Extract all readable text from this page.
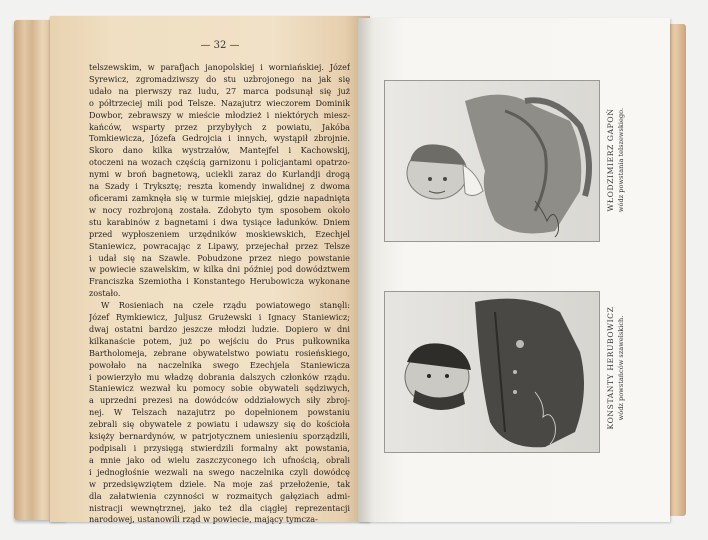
— 32 —
telszewskim, w parafjach janopolskiej i worniańskiej. Józef
Syrewicz, zgromadziwszy do stu uzbrojonego na jak się
udało na pierwszy raz ludu, 27 marca podsunął się już
o półtrzeciej mili pod Telsze. Nazajutrz wieczorem Dominik
Dowbor, zebrawszy w mieście młodzież i niektórych miesz-
kańców, wsparty przez przybyłych z powiatu, Jakóba
Tomkiewicza, Józefa Gedrojcia i innych, wystąpił zbrojnie.
Skoro dano kilka wystrzałów, Mantejfel i Kachowskij,
otoczeni na wozach częścią garnizonu i policjantami opatrzo-
nymi w broń bagnetową, uciekli zaraz do Kurlandji drogą
na Szady i Tryksztę; reszta komendy inwalidnej z dwoma
oficerami zamknęła się w turmie miejskiej, gdzie napadnięta
w nocy rozbrojoną została. Zdobyto tym sposobem około
stu karabinów z bagnetami i dwa tysiące ładunków. Dniem
przed wypłoszeniem urzędników moskiewskich, Ezechjel
Staniewicz, powracając z Lipawy, przejechał przez Telsze
i udał się na Szawle. Pobudzone przez niego powstanie
w powiecie szawelskim, w kilka dni później pod dowództwem
Franciszka Szemiotha i Konstantego Herubowicza wykonane
zostało.
W Rosieniach na czele rządu powiatowego stanęli:
Józef Rymkiewicz, Juljusz Grużewski i Ignacy Staniewicz;
dwaj ostatni bardzo jeszcze młodzi ludzie. Dopiero w dni
kilkanaście potem, już po wejściu do Prus pułkownika
Bartholomeja, zebrane obywatelstwo powiatu rosieńskiego,
powołało na naczelnika swego Ezechjela Staniewicza
i powierzyło mu władzę dobrania dalszych członków rządu.
Staniewicz wezwał ku pomocy sobie obywateli sędziwych,
a uprzedni prezesi na dowódców oddziałowych siły zbroj-
nej. W Telszach nazajutrz po dopełnionem powstaniu
zebrali się obywatele z powiatu i udawszy się do kościoła
księży bernardynów, w patrjotycznem uniesieniu sporządzili,
podpisali i przysięgą stwierdzili formalny akt powstania,
a mnie jako od wielu zaszczyconego ich ufnością, obrali
i jednogłośnie wezwali na swego naczelnika czyli dowódcę
w przedsięwziętem dziele. Na moje zaś przełożenie, tak
dla załatwienia czynności w rozmaitych gałęziach admi-
nistracji wewnętrznej, jako też dla ciągłej reprezentacji
narodowej, ustanowili rząd w powiecie, mający tymcza-
WŁODZIMIERZ GAPOŃ wódz powstania telszewskiego.
KONSTANTY HERUBOWICZ wódz powstańców szawelskich.
